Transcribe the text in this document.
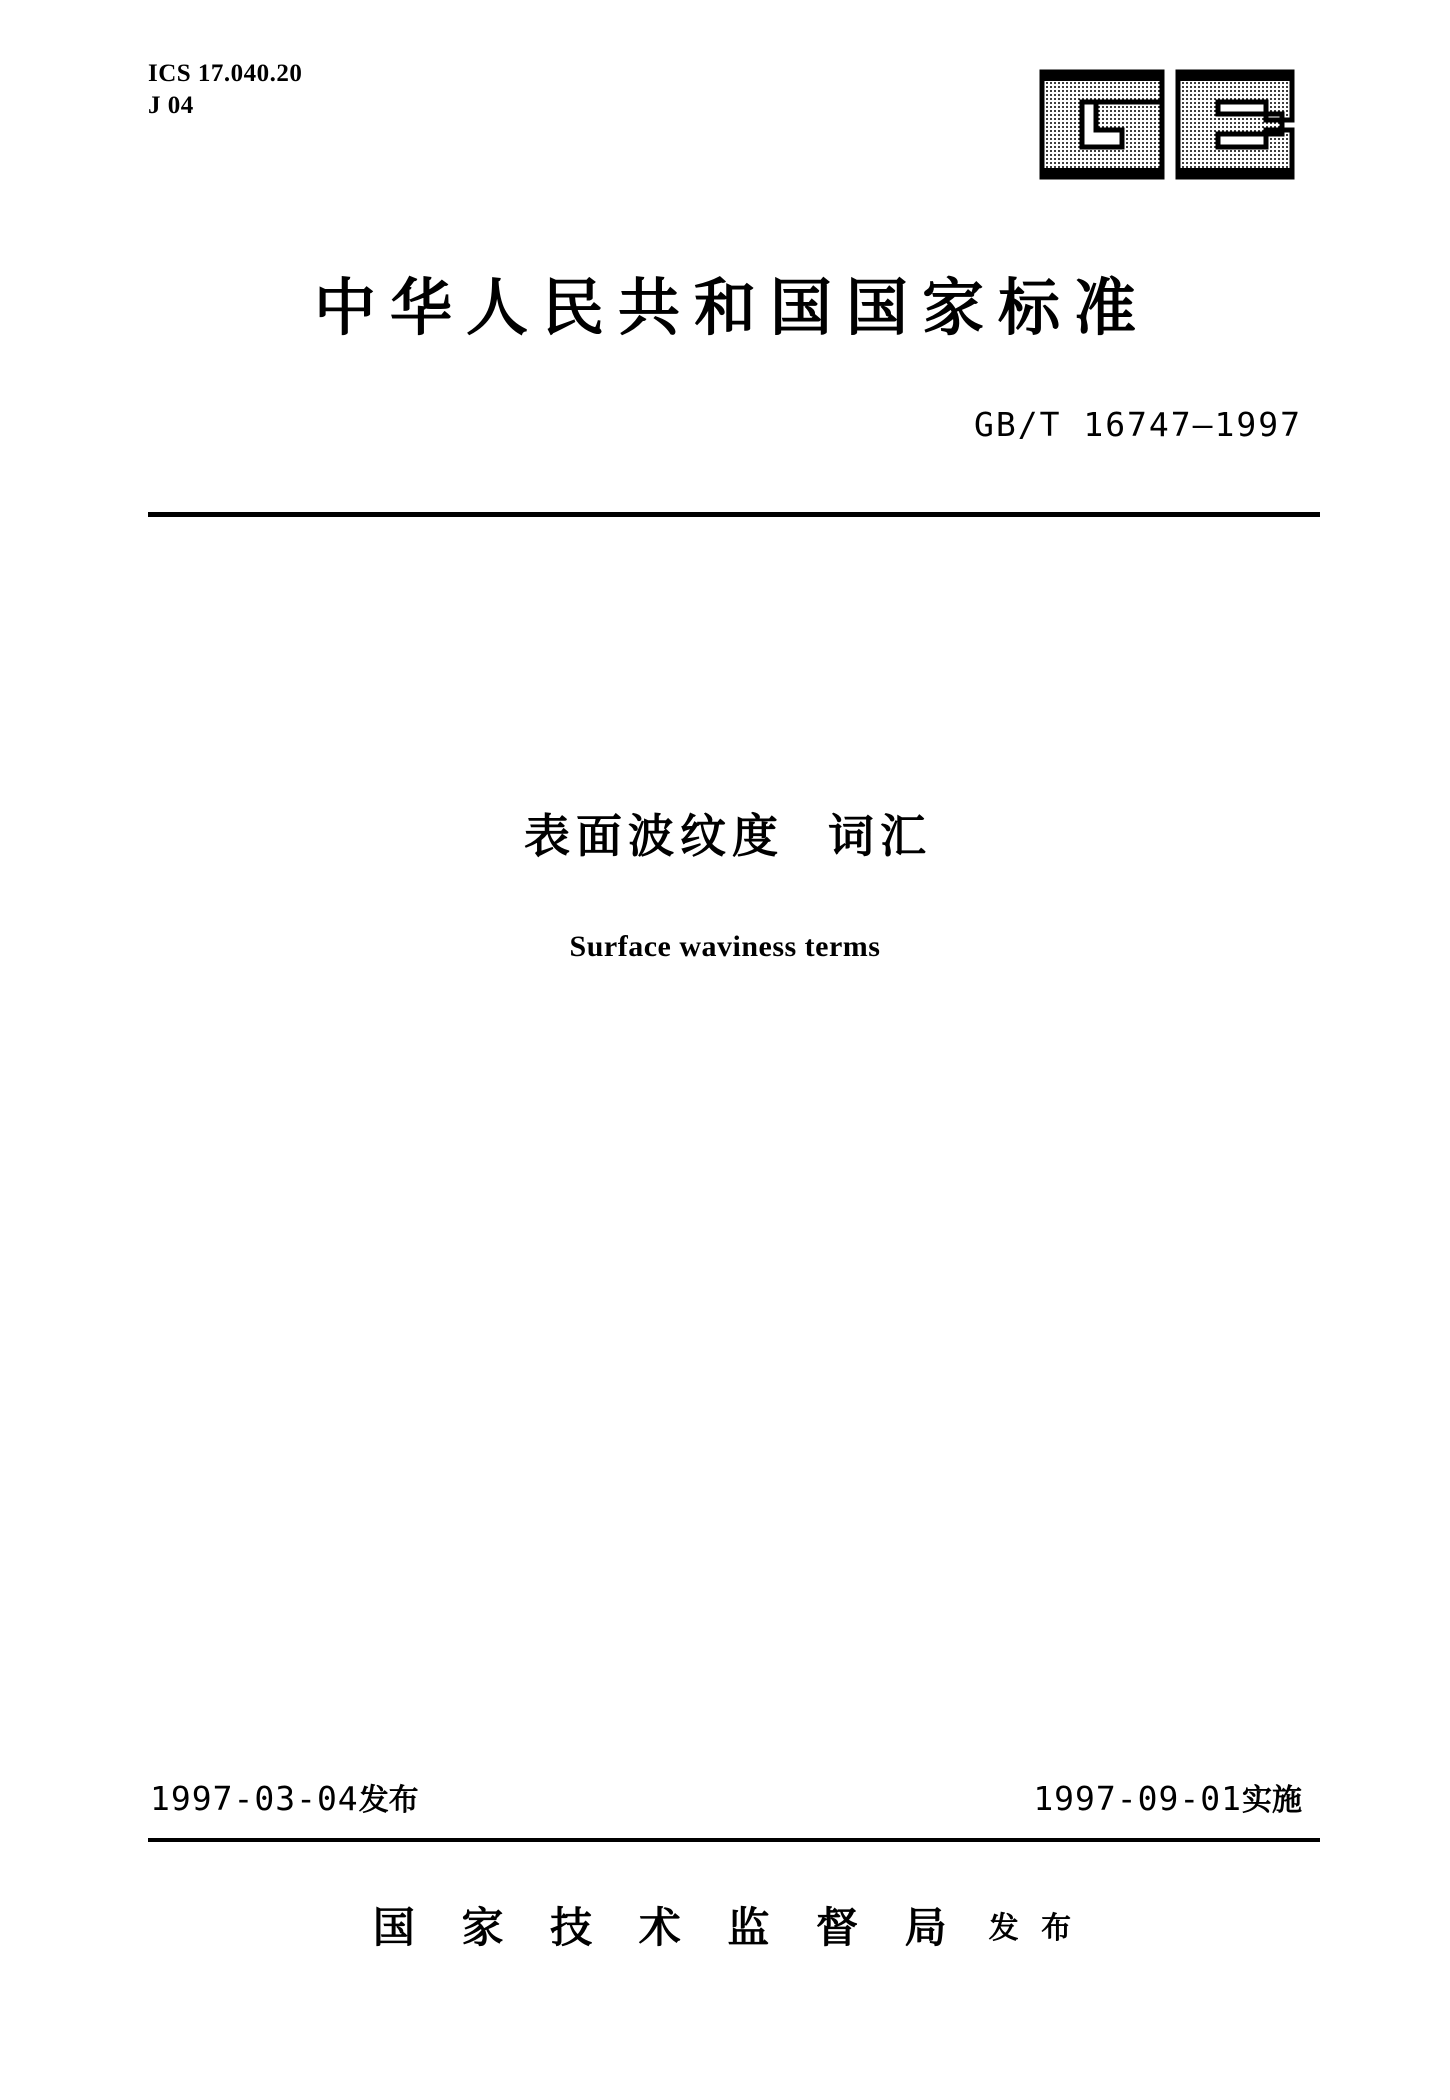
ICS 17.040.20
J 04
中华人民共和国国家标准
GB/T 16747—1997
表面波纹度  词汇
Surface waviness terms
1997-03-04发布	1997-09-01实施
国 家 技 术 监 督 局 发 布
